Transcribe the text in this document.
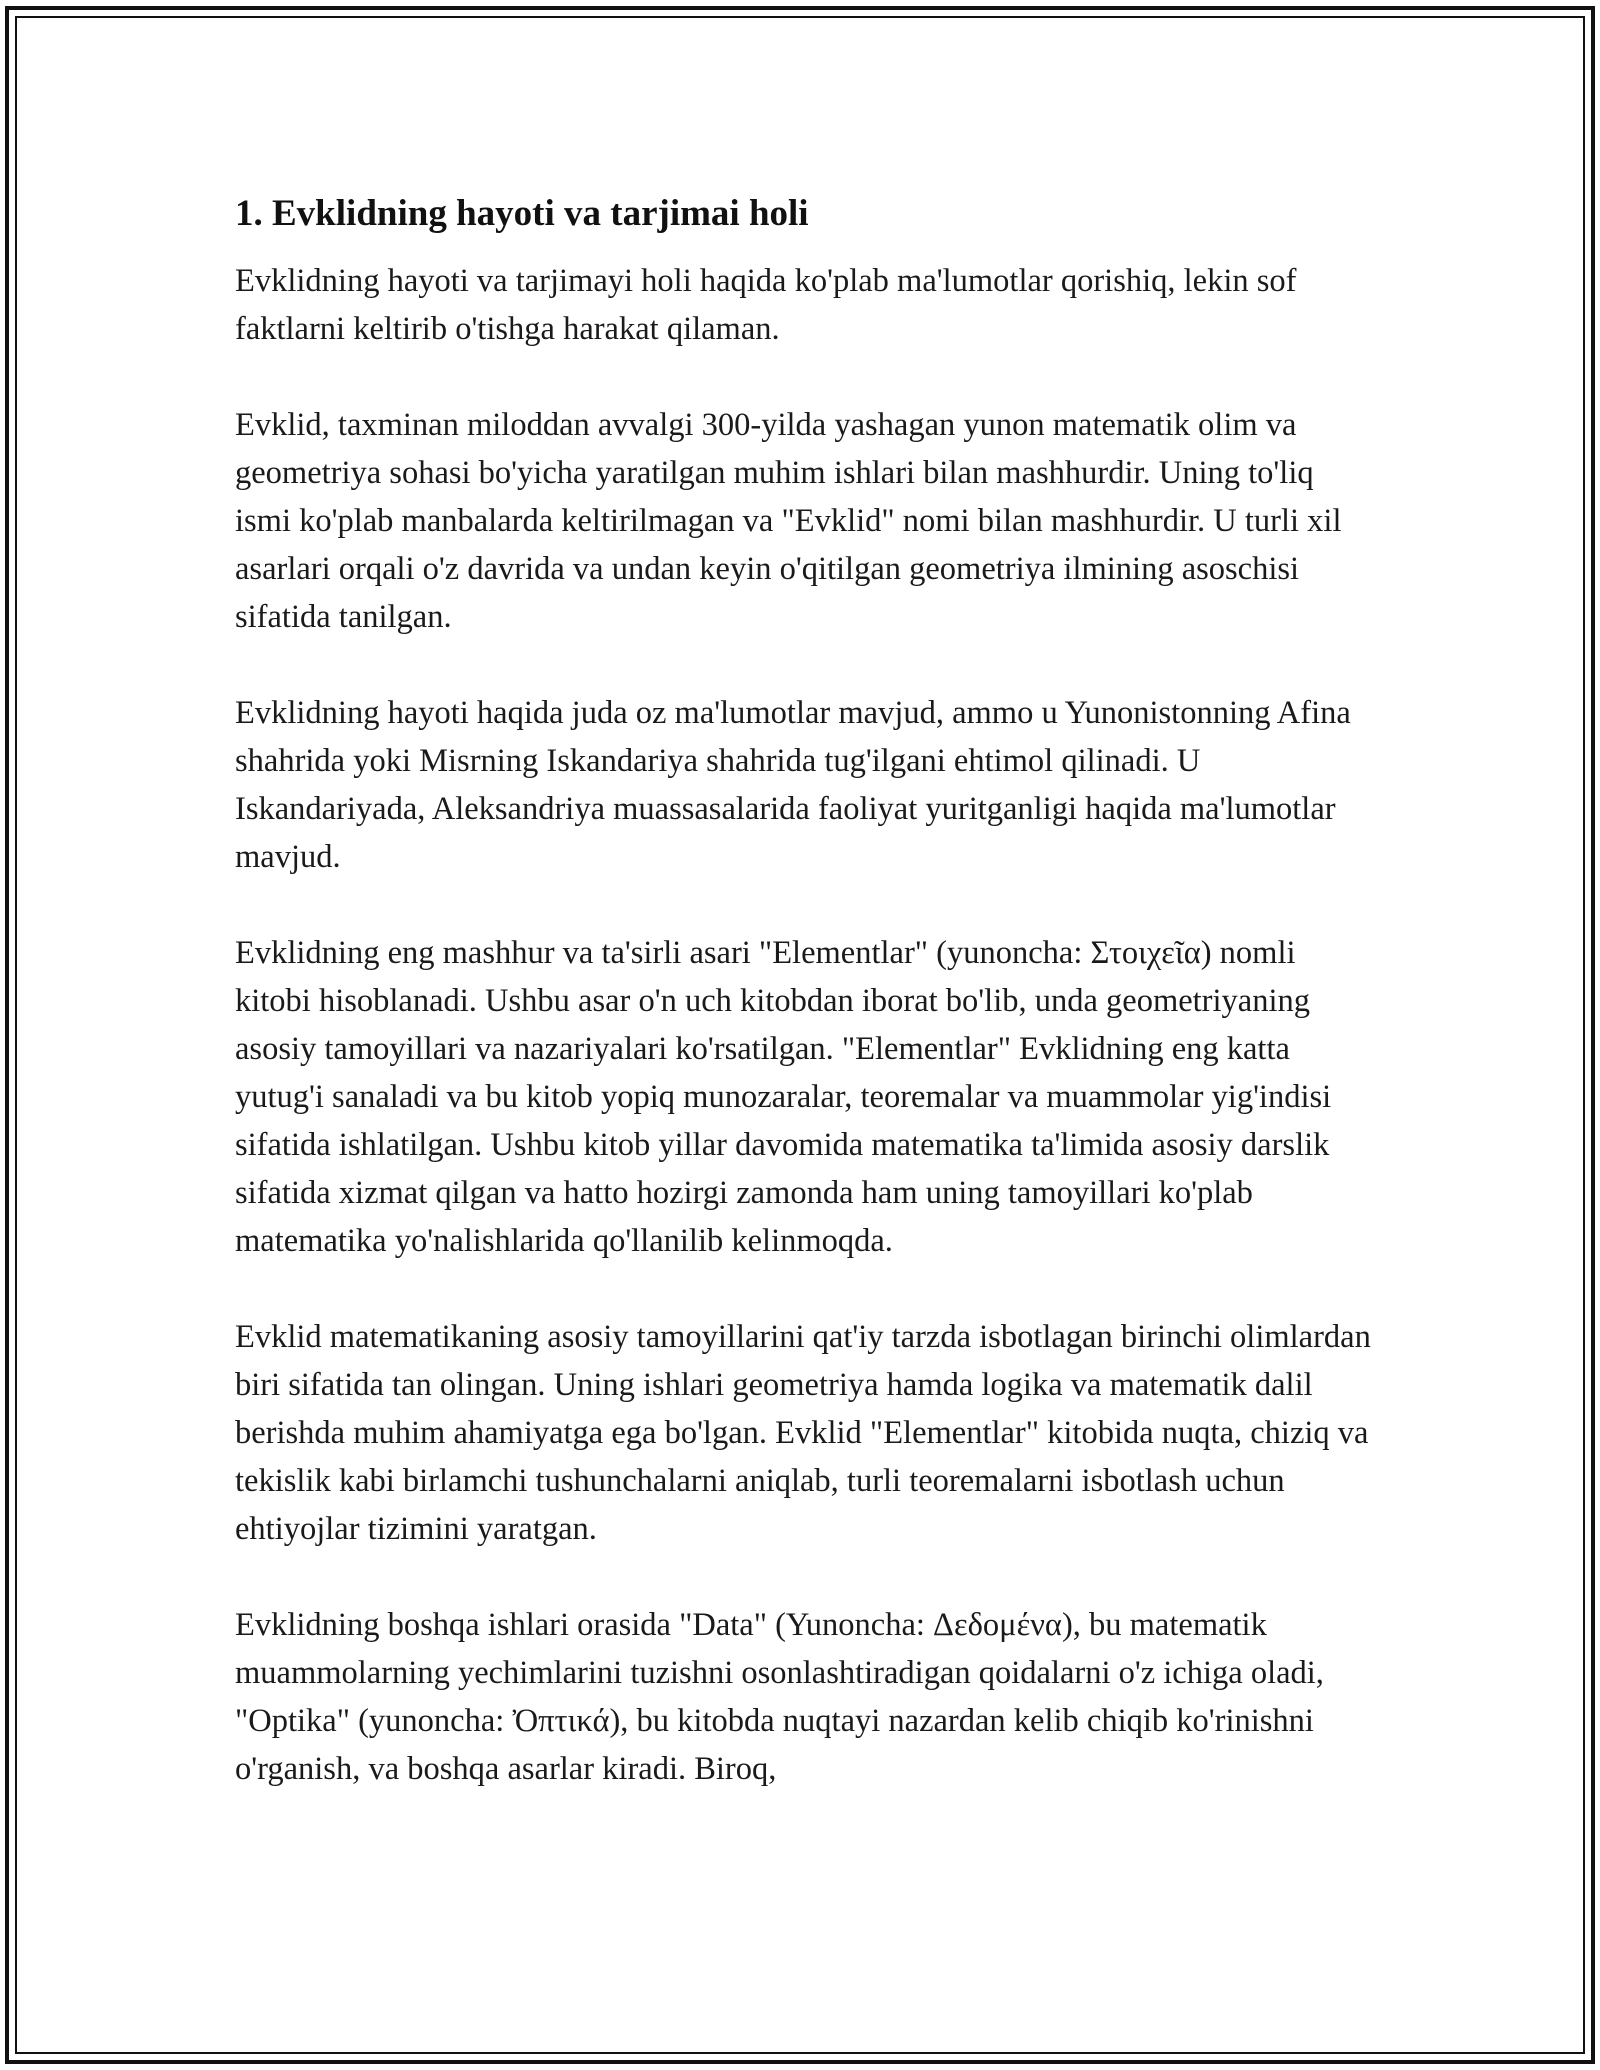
1. Evklidning hayoti va tarjimai holi

Evklidning hayoti va tarjimayi holi haqida ko'plab ma'lumotlar qorishiq, lekin sof faktlarni keltirib o'tishga harakat qilaman.

Evklid, taxminan miloddan avvalgi 300-yilda yashagan yunon matematik olim va geometriya sohasi bo'yicha yaratilgan muhim ishlari bilan mashhurdir. Uning to'liq ismi ko'plab manbalarda keltirilmagan va "Evklid" nomi bilan mashhurdir. U turli xil asarlari orqali o'z davrida va undan keyin o'qitilgan geometriya ilmining asoschisi sifatida tanilgan.

Evklidning hayoti haqida juda oz ma'lumotlar mavjud, ammo u Yunonistonning Afina shahrida yoki Misrning Iskandariya shahrida tug'ilgani ehtimol qilinadi. U Iskandariyada, Aleksandriya muassasalarida faoliyat yuritganligi haqida ma'lumotlar mavjud.

Evklidning eng mashhur va ta'sirli asari "Elementlar" (yunoncha: Στοιχεῖα) nomli kitobi hisoblanadi. Ushbu asar o'n uch kitobdan iborat bo'lib, unda geometriyaning asosiy tamoyillari va nazariyalari ko'rsatilgan. "Elementlar" Evklidning eng katta yutug'i sanaladi va bu kitob yopiq munozaralar, teoremalar va muammolar yig'indisi sifatida ishlatilgan. Ushbu kitob yillar davomida matematika ta'limida asosiy darslik sifatida xizmat qilgan va hatto hozirgi zamonda ham uning tamoyillari ko'plab matematika yo'nalishlarida qo'llanilib kelinmoqda.

Evklid matematikaning asosiy tamoyillarini qat'iy tarzda isbotlagan birinchi olimlardan biri sifatida tan olingan. Uning ishlari geometriya hamda logika va matematik dalil berishda muhim ahamiyatga ega bo'lgan. Evklid "Elementlar" kitobida nuqta, chiziq va tekislik kabi birlamchi tushunchalarni aniqlab, turli teoremalarni isbotlash uchun ehtiyojlar tizimini yaratgan.

Evklidning boshqa ishlari orasida "Data" (Yunoncha: Δεδομένα), bu matematik muammolarning yechimlarini tuzishni osonlashtiradigan qoidalarni o'z ichiga oladi, "Optika" (yunoncha: Ὀπτικά), bu kitobda nuqtayi nazardan kelib chiqib ko'rinishni o'rganish, va boshqa asarlar kiradi. Biroq,
